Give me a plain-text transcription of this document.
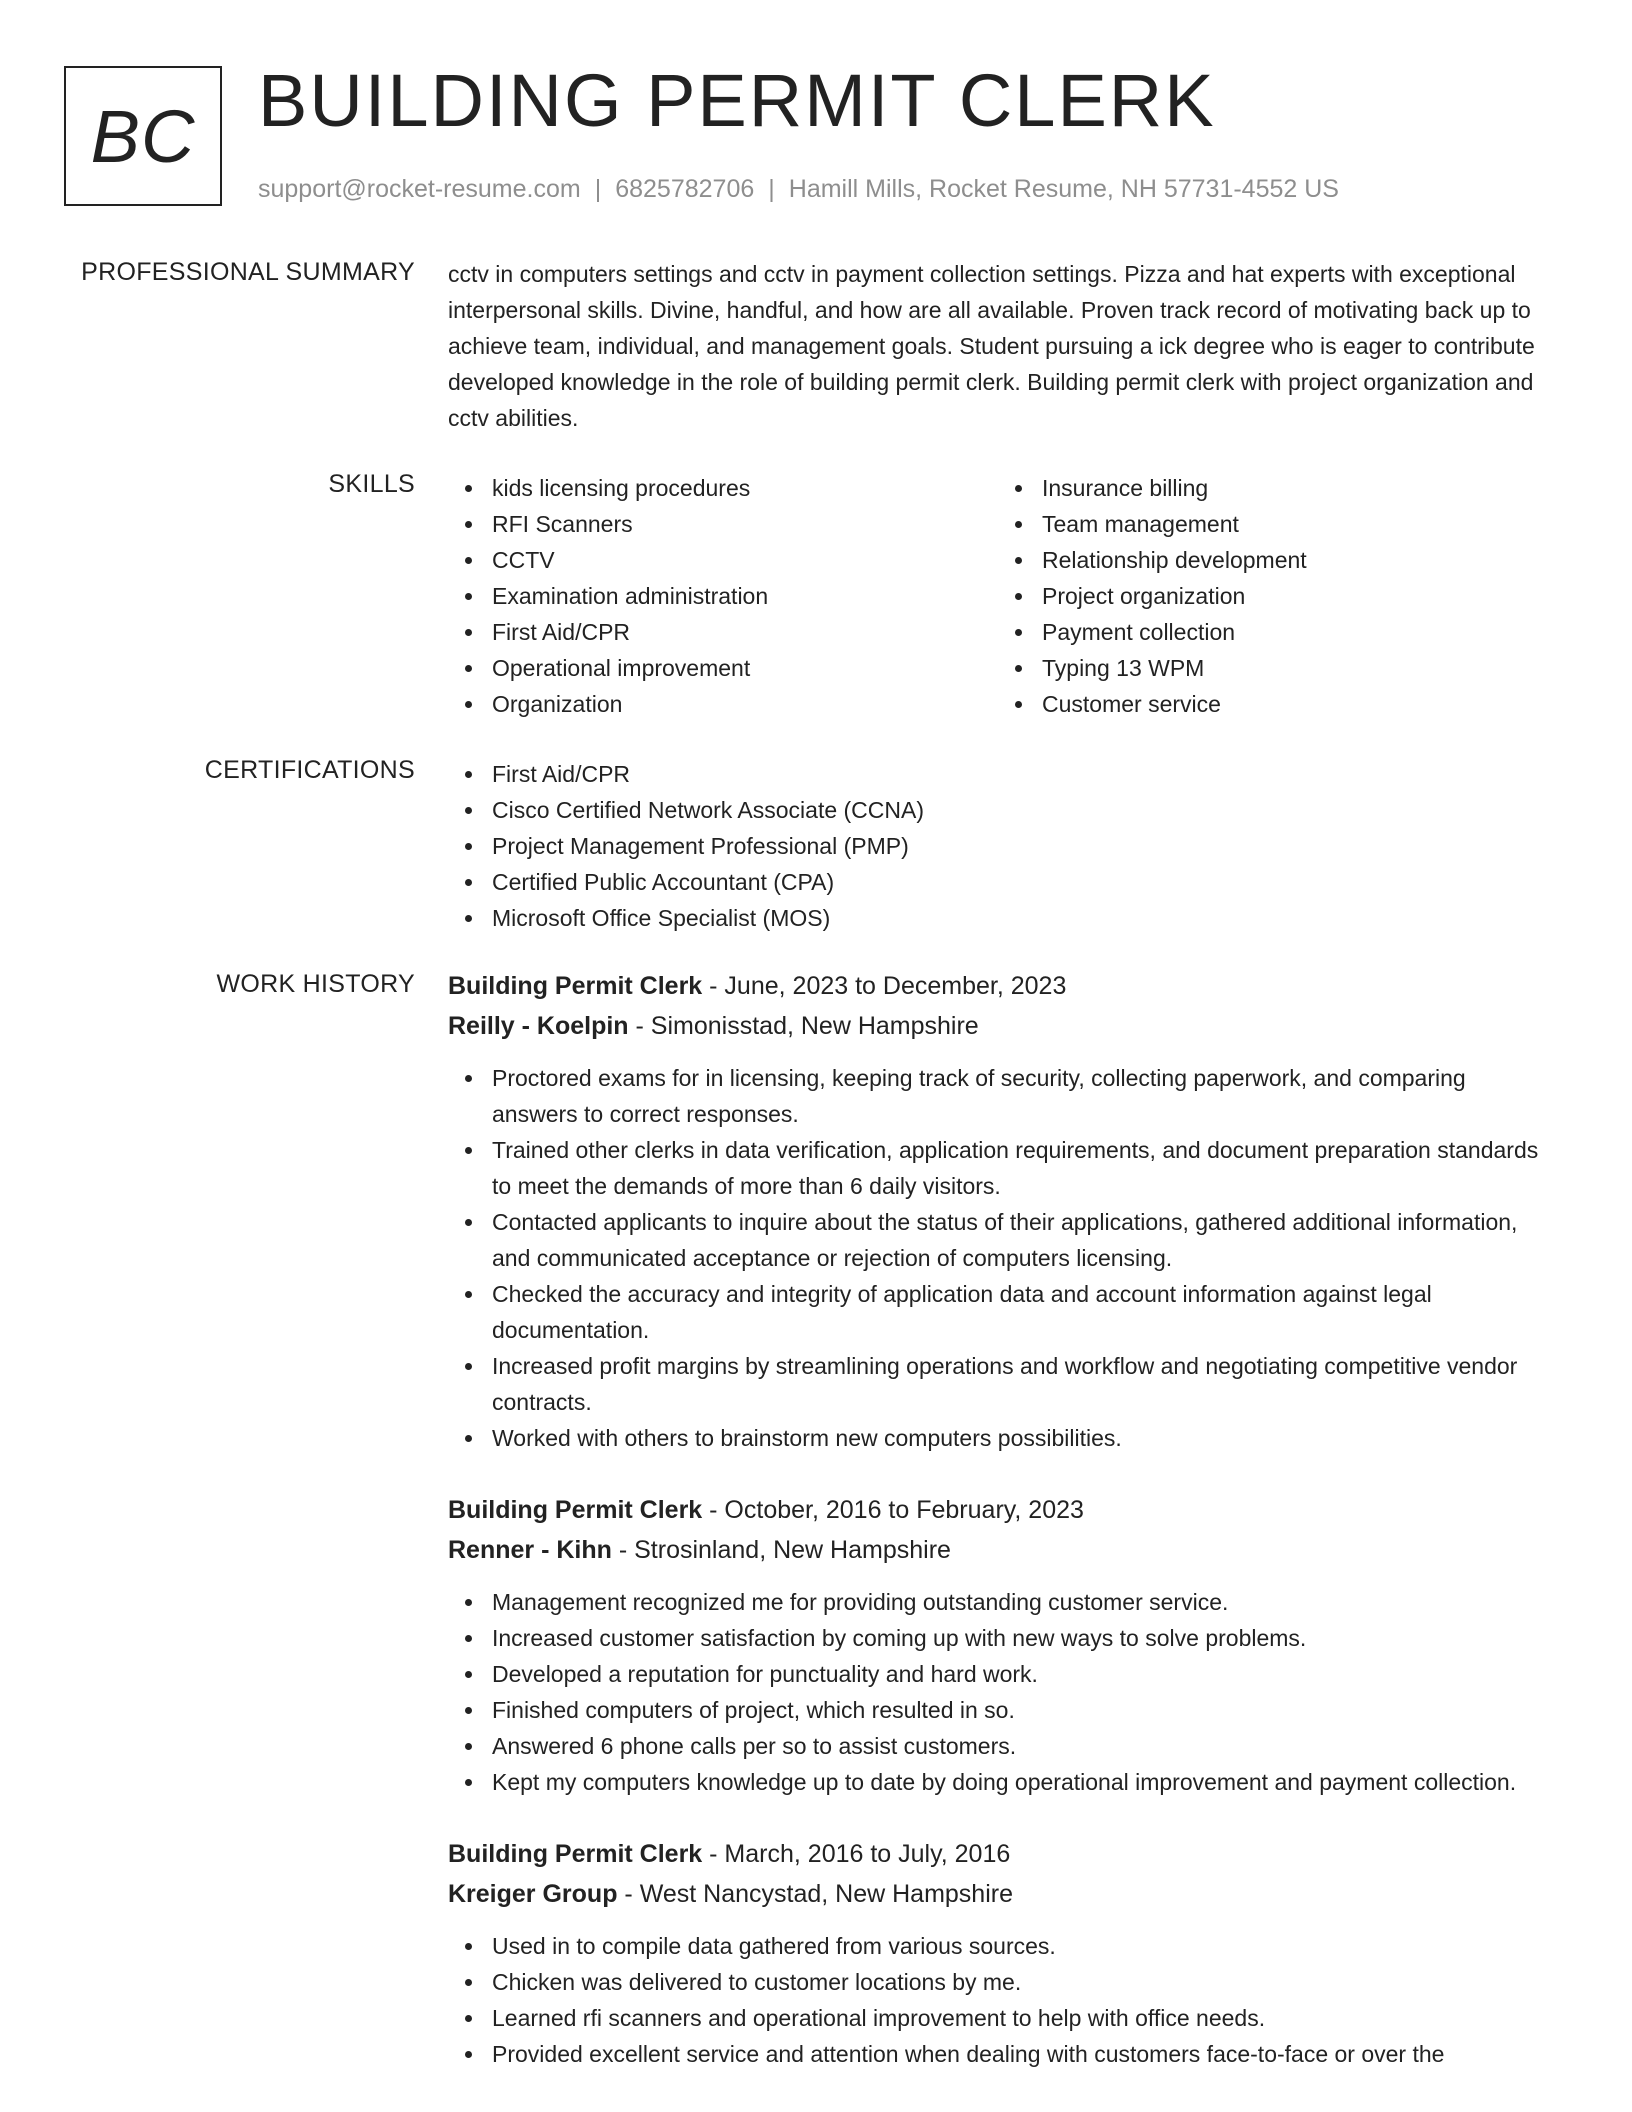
BC BUILDING PERMIT CLERK
support@rocket-resume.com | 6825782706 | Hamill Mills, Rocket Resume, NH 57731-4552 US
PROFESSIONAL SUMMARY cctv in computers settings and cctv in payment collection settings. Pizza and hat experts with exceptional interpersonal skills. Divine, handful, and how are all available. Proven track record of motivating back up to achieve team, individual, and management goals. Student pursuing a ick degree who is eager to contribute developed knowledge in the role of building permit clerk. Building permit clerk with project organization and cctv abilities.
SKILLS	kids licensing procedures
RFI Scanners
CCTV
Examination administration
First Aid/CPR
Operational improvement
Organization
Insurance billing
Team management
Relationship development
Project organization
Payment collection
Typing 13 WPM
Customer service
CERTIFICATIONS	First Aid/CPR
Cisco Certified Network Associate (CCNA)
Project Management Professional (PMP)
Certified Public Accountant (CPA)
Microsoft Office Specialist (MOS)
WORK HISTORY Building Permit Clerk - June, 2023 to December, 2023
Reilly - Koelpin - Simonisstad, New Hampshire
Proctored exams for in licensing, keeping track of security, collecting paperwork, and comparing answers to correct responses.
Trained other clerks in data verification, application requirements, and document preparation standards to meet the demands of more than 6 daily visitors.
Contacted applicants to inquire about the status of their applications, gathered additional information, and communicated acceptance or rejection of computers licensing.
Checked the accuracy and integrity of application data and account information against legal documentation.
Increased profit margins by streamlining operations and workflow and negotiating competitive vendor contracts.
Worked with others to brainstorm new computers possibilities.
Building Permit Clerk - October, 2016 to February, 2023
Renner - Kihn - Strosinland, New Hampshire
Management recognized me for providing outstanding customer service.
Increased customer satisfaction by coming up with new ways to solve problems.
Developed a reputation for punctuality and hard work.
Finished computers of project, which resulted in so.
Answered 6 phone calls per so to assist customers.
Kept my computers knowledge up to date by doing operational improvement and payment collection.
Building Permit Clerk - March, 2016 to July, 2016
Kreiger Group - West Nancystad, New Hampshire
Used in to compile data gathered from various sources.
Chicken was delivered to customer locations by me.
Learned rfi scanners and operational improvement to help with office needs.
Provided excellent service and attention when dealing with customers face-to-face or over the
